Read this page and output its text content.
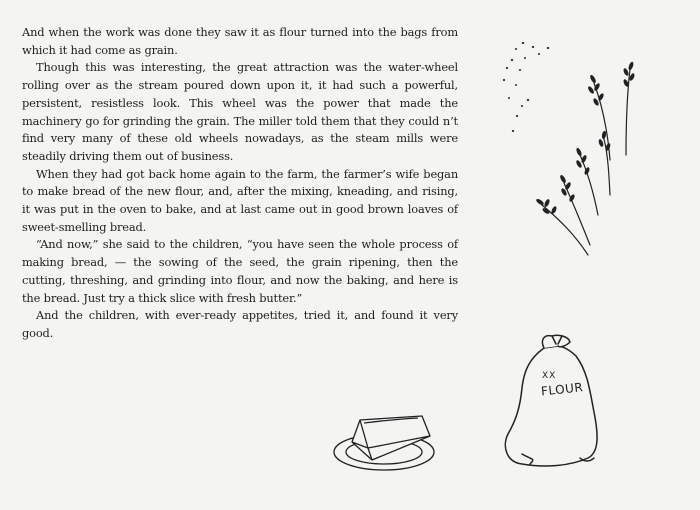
And when the work was done they saw it as flour turned into the bags from which it had come as grain.

Though this was interesting, the great attraction was the water-wheel rolling over as the stream poured down upon it, it had such a powerful, persistent, resistless look. This wheel was the power that made the machinery go for grinding the grain. The miller told them that they could n’t find very many of these old wheels nowadays, as the steam mills were steadily driving them out of business.

When they had got back home again to the farm, the farmer’s wife began to make bread of the new flour, and, after the mixing, kneading, and rising, it was put in the oven to bake, and at last came out in good brown loaves of sweet-smelling bread.

“And now,” she said to the children, “you have seen the whole process of making bread, — the sowing of the seed, the grain ripening, then the cutting, threshing, and grinding into flour, and now the baking, and here is the bread. Just try a thick slice with fresh butter.”

And the children, with ever-ready appetites, tried it, and found it very good.

XX
FLOUR
